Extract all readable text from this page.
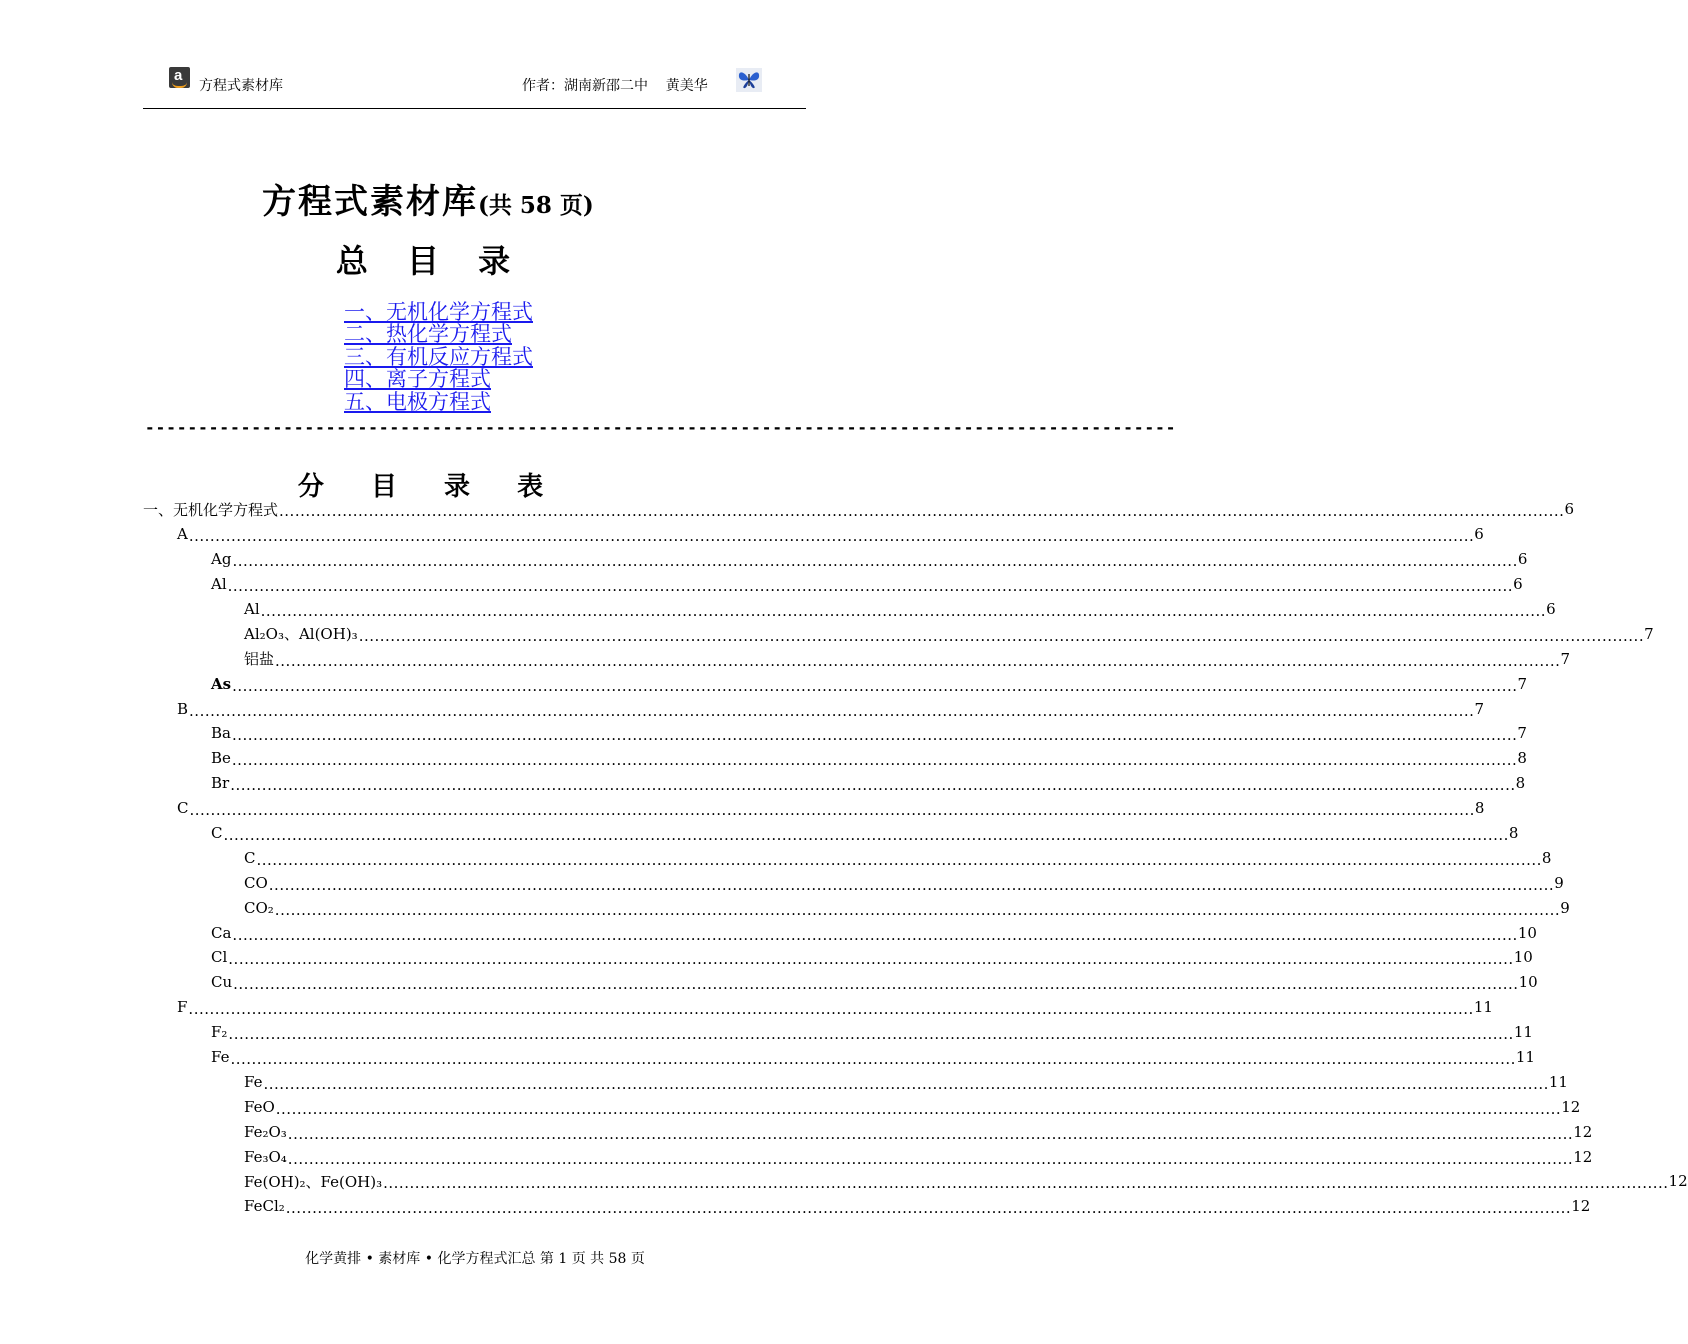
a
方程式素材库	作者：湖南新邵二中    黄美华
方程式素材库(共 58 页)
总 目 录
一、无机化学方程式
二、热化学方程式
三、有机反应方程式
四、离子方程式
五、电极方程式
-------------------------------------------------------------------------------------------------
分 目 录 表
一、无机化学方程式 .....	6
A .....	6
Ag .....	6
Al .....	6
Al .....	6
Al₂O₃、Al(OH)₃ .....	7
铝盐 .....	7
As .....	7
B .....	7
Ba .....	7
Be .....	8
Br .....	8
C .....	8
C .....	8
C .....	8
CO .....	9
CO₂ .....	9
Ca .....	10
Cl .....	10
Cu .....	10
F .....	11
F₂ .....	11
Fe .....	11
Fe .....	11
FeO .....	12
Fe₂O₃ .....	12
Fe₃O₄ .....	12
Fe(OH)₂、Fe(OH)₃ .....	12
FeCl₂ .....	12
化学黄排 • 素材库 • 化学方程式汇总 第 1 页 共 58 页
